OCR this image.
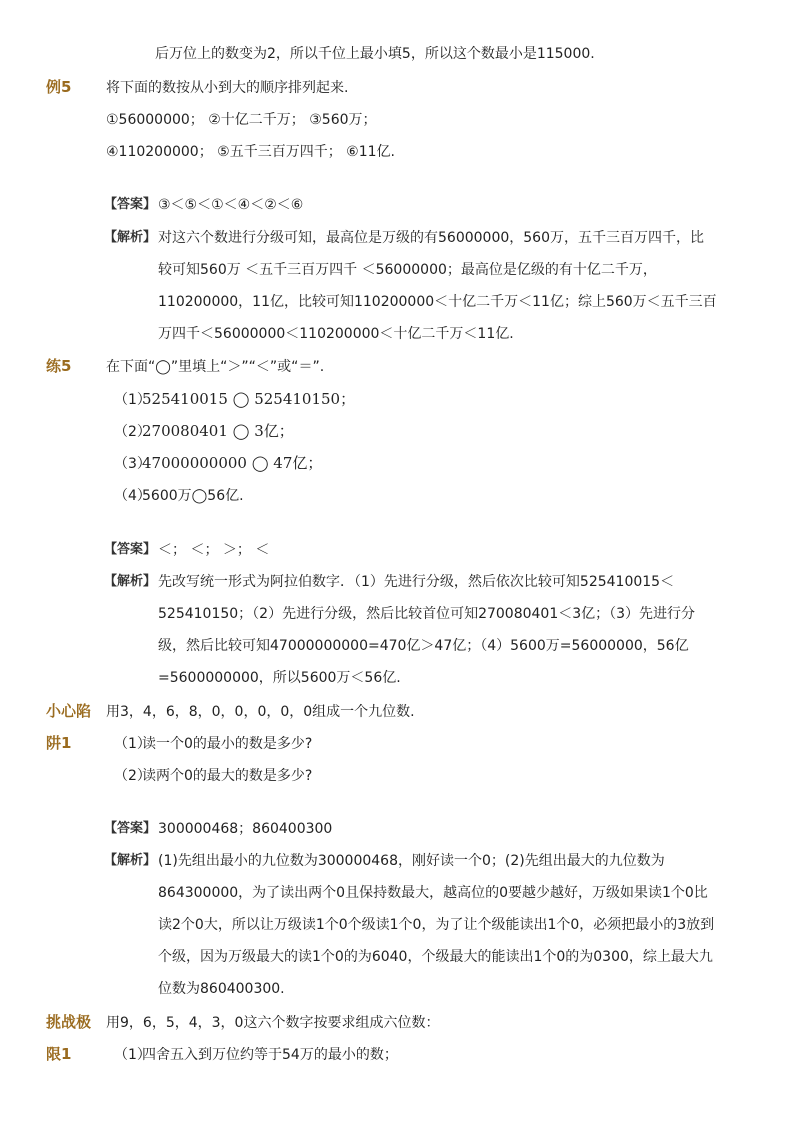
后万位上的数变为2，所以千位上最小填5，所以这个数最小是115000.
例5 将下面的数按从小到大的顺序排列起来.
①56000000； ②十亿二千万； ③560万；
④110200000； ⑤五千三百万四千； ⑥11亿.
【答案】 ③＜⑤＜①＜④＜②＜⑥
【解析】 对这六个数进行分级可知，最高位是万级的有56000000，560万，五千三百万四千，比
较可知560万 ＜五千三百万四千 ＜56000000；最高位是亿级的有十亿二千万，
110200000，11亿，比较可知110200000＜十亿二千万＜11亿；综上560万＜五千三百
万四千＜56000000＜110200000＜十亿二千万＜11亿.
练5 在下面“◯”里填上“＞”“＜”或“＝”.
（1）
525410015 ◯ 525410150；
（2）
270080401 ◯ 3亿；
（3）
47000000000 ◯ 47亿；
（4）
5600万◯56亿.
【答案】 ＜； ＜； ＞； ＜
【解析】 先改写统一形式为阿拉伯数字．（1）先进行分级，然后依次比较可知525410015＜
525410150；（2）先进行分级，然后比较首位可知270080401＜3亿；（3）先进行分
级，然后比较可知47000000000=470亿＞47亿；（4）5600万=56000000，56亿
=5600000000，所以5600万＜56亿.
小心陷
阱1
用3，4，6，8，0，0，0，0，0组成一个九位数.
（1）
读一个0的最小的数是多少?
（2）
读两个0的最大的数是多少?
【答案】 300000468；860400300
【解析】 (1)先组出最小的九位数为300000468，刚好读一个0；(2)先组出最大的九位数为
864300000，为了读出两个0且保持数最大，越高位的0要越少越好，万级如果读1个0比
读2个0大，所以让万级读1个0个级读1个0，为了让个级能读出1个0，必须把最小的3放到
个级，因为万级最大的读1个0的为6040，个级最大的能读出1个0的为0300，综上最大九
位数为860400300.
挑战极
限1
用9，6，5，4，3，0这六个数字按要求组成六位数：
（1）
四舍五入到万位约等于54万的最小的数；
